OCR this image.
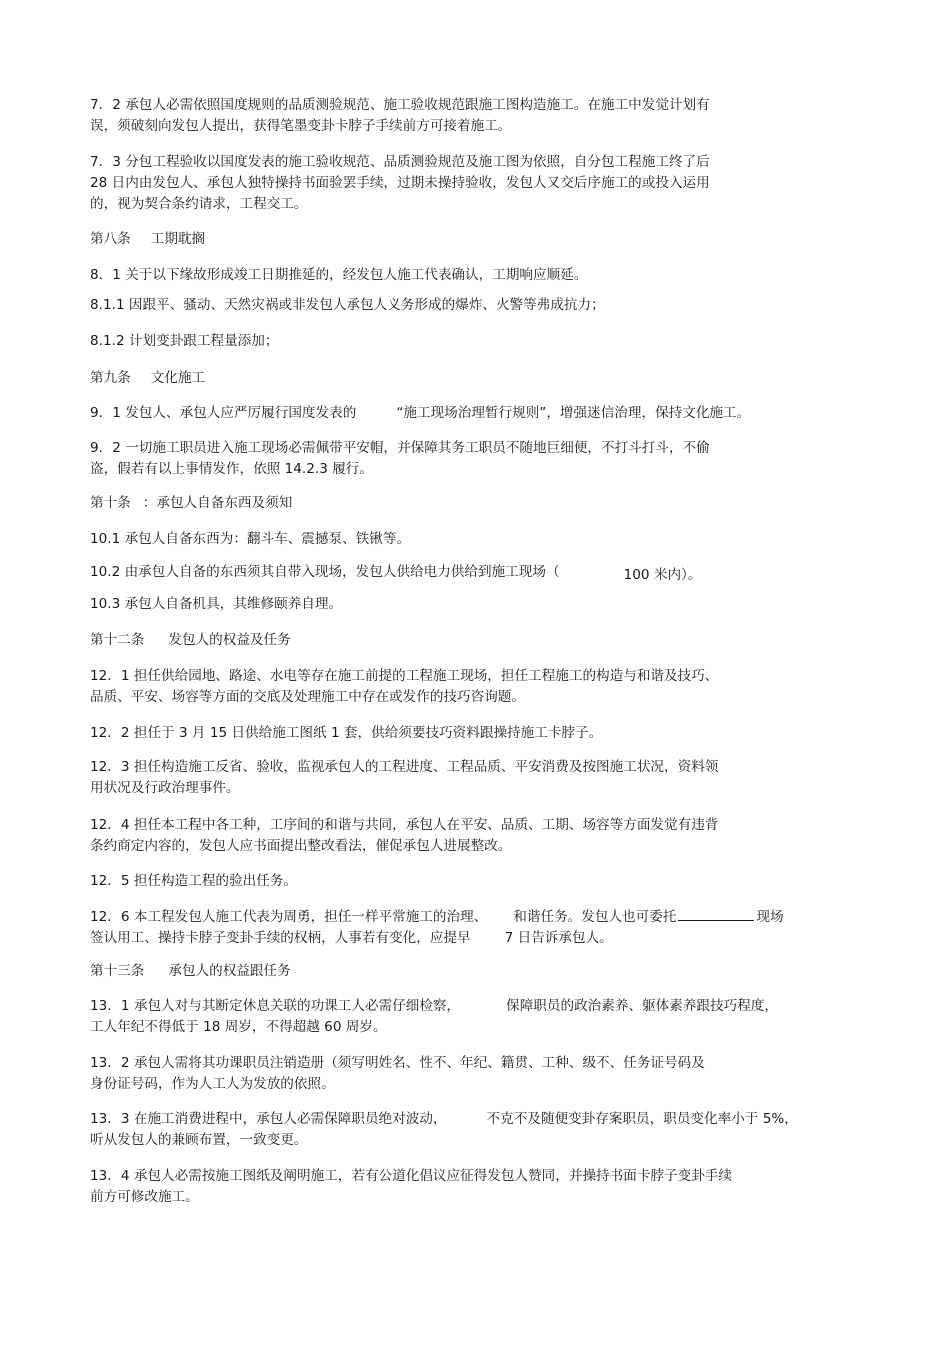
7．2 承包人必需依照国度规则的品质测验规范、施工验收规范跟施工图构造施工。在施工中发觉计划有
误，须破刻向发包人提出，获得笔墨变卦卡脖子手续前方可接着施工。

7．3 分包工程验收以国度发表的施工验收规范、品质测验规范及施工图为依照，自分包工程施工终了后
28 日内由发包人、承包人独特操持书面验罢手续，过期未操持验收，发包人又交后序施工的或投入运用
的，视为契合条约请求，工程交工。

第八条 工期耽搁

8．1 关于以下缘故形成竣工日期推延的，经发包人施工代表确认，工期响应顺延。

8.1.1 因跟平、骚动、天然灾祸或非发包人承包人义务形成的爆炸、火警等弗成抗力；

8.1.2 计划变卦跟工程量添加；

第九条 文化施工

9．1 发包人、承包人应严厉履行国度发表的	“施工现场治理暂行规则”，增强迷信治理，保持文化施工。

9．2 一切施工职员进入施工现场必需佩带平安帽，并保障其务工职员不随地巨细便，不打斗打斗，不偷
盗，假若有以上事情发作，依照 14.2.3 履行。

第十条 ：承包人自备东西及须知

10.1 承包人自备东西为：翻斗车、震撼泵、铁锹等。

10.2 由承包人自备的东西须其自带入现场，发包人供给电力供给到施工现场（	100 米内）。

10.3 承包人自备机具，其维修颐养自理。

第十二条 发包人的权益及任务

12．1 担任供给园地、路途、水电等存在施工前提的工程施工现场，担任工程施工的构造与和谐及技巧、
品质、平安、场容等方面的交底及处理施工中存在或发作的技巧咨询题。

12．2 担任于 3 月 15 日供给施工图纸 1 套，供给须要技巧资料跟操持施工卡脖子。

12．3 担任构造施工反省、验收，监视承包人的工程进度、工程品质、平安消费及按图施工状况，资料领
用状况及行政治理事件。

12．4 担任本工程中各工种，工序间的和谐与共同，承包人在平安、品质、工期、场容等方面发觉有违背
条约商定内容的，发包人应书面提出整改看法，催促承包人进展整改。

12．5 担任构造工程的验出任务。

12．6 本工程发包人施工代表为周勇，担任一样平常施工的治理、 和谐任务。发包人也可委托	现场
签认用工、操持卡脖子变卦手续的权柄，人事若有变化，应提早	7 日告诉承包人。

第十三条 承包人的权益跟任务

13．1 承包人对与其断定休息关联的功课工人必需仔细检察，	保障职员的政治素养、躯体素养跟技巧程度，
工人年纪不得低于 18 周岁，不得超越 60 周岁。

13．2 承包人需将其功课职员注销造册（须写明姓名、性不、年纪、籍贯、工种、级不、任务证号码及
身份证号码，作为人工人为发放的依照。

13．3 在施工消费进程中，承包人必需保障职员绝对波动，	不克不及随便变卦存案职员，职员变化率小于 5%，
听从发包人的兼顾布置，一致变更。

13．4 承包人必需按施工图纸及阐明施工，若有公道化倡议应征得发包人赞同，并操持书面卡脖子变卦手续
前方可修改施工。
